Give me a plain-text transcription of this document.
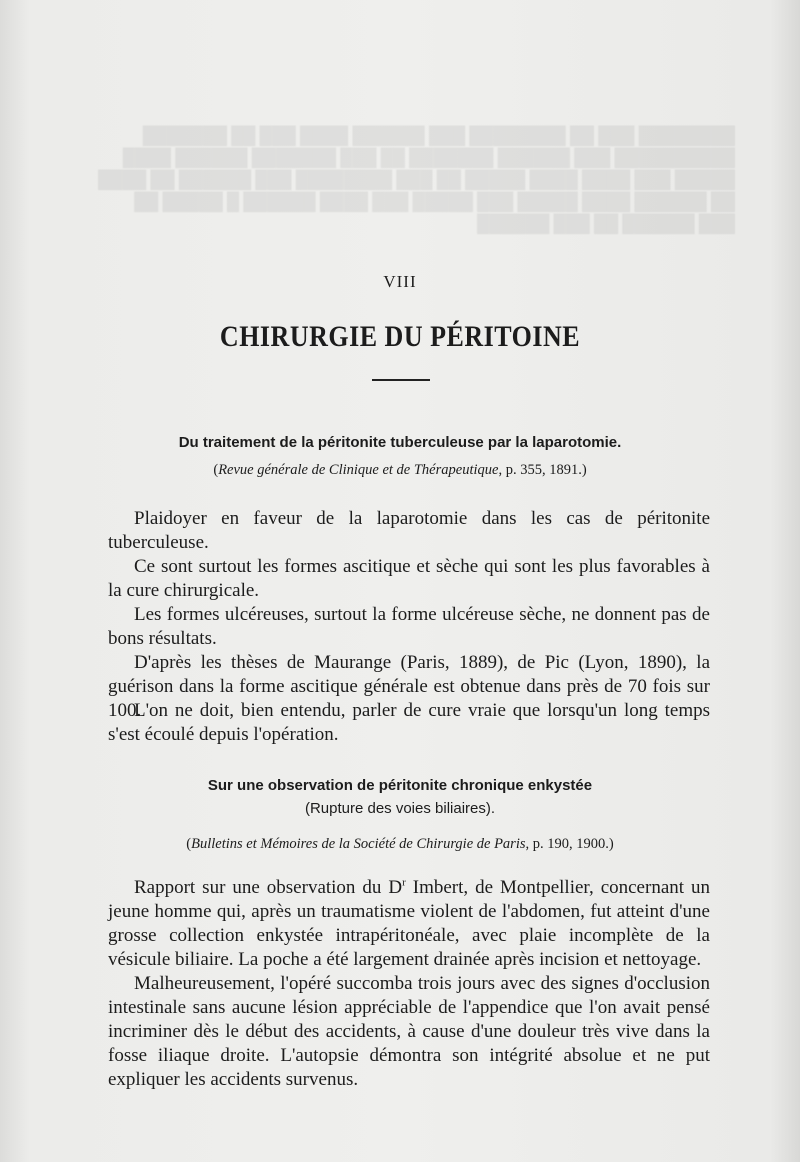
████████ ███ ██ ████████ ███ ██████ ████ ███ ██ ███████ ██████████ ███ ██████ ███████ ██ ███ ███████ ██████ ████ █████ ███ ████ ████ █████ ██ ███ ████████ ███ ██████ ██ ████ ██ ██████ ████ █████ ███ █████ ███ ████ ██████ █ █████ ██ ███ ██████ ██ ███ ██████
VIII
CHIRURGIE DU PÉRITOINE
Du traitement de la péritonite tuberculeuse par la laparotomie.
(Revue générale de Clinique et de Thérapeutique, p. 355, 1891.)

Plaidoyer en faveur de la laparotomie dans les cas de péritonite tuberculeuse.

Ce sont surtout les formes ascitique et sèche qui sont les plus favorables à la cure chirurgicale.

Les formes ulcéreuses, surtout la forme ulcéreuse sèche, ne donnent pas de bons résultats.

D'après les thèses de Maurange (Paris, 1889), de Pic (Lyon, 1890), la guérison dans la forme ascitique générale est obtenue dans près de 70 fois sur 100.

L'on ne doit, bien entendu, parler de cure vraie que lorsqu'un long temps s'est écoulé depuis l'opération.

Sur une observation de péritonite chronique enkystée
(Rupture des voies biliaires).
(Bulletins et Mémoires de la Société de Chirurgie de Paris, p. 190, 1900.)

Rapport sur une observation du $D^r$ Imbert, de Montpellier, concernant un jeune homme qui, après un traumatisme violent de l'abdomen, fut atteint d'une grosse collection enkystée intrapéritonéale, avec plaie incomplète de la vésicule biliaire. La poche a été largement drainée après incision et nettoyage.

Malheureusement, l'opéré succomba trois jours avec des signes d'occlusion intestinale sans aucune lésion appréciable de l'appendice que l'on avait pensé incriminer dès le début des accidents, à cause d'une douleur très vive dans la fosse iliaque droite. L'autopsie démontra son intégrité absolue et ne put expliquer les accidents survenus.
